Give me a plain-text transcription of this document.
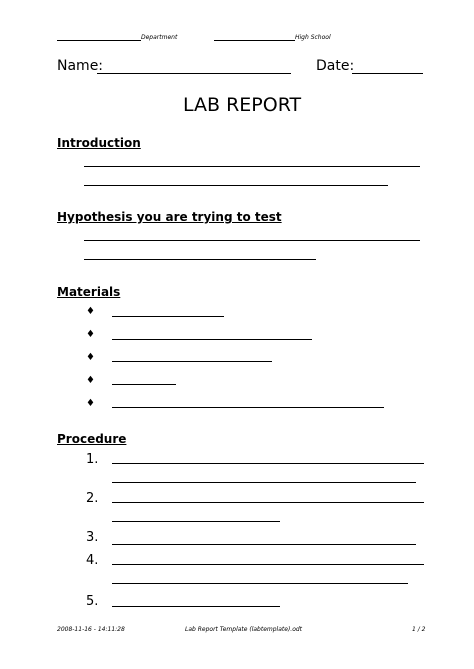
Department	High School
Name:	Date:
LAB REPORT
Introduction
Hypothesis you are trying to test
Materials
♦
♦
♦
♦
♦
Procedure
1.
2.
3.
4.
5.
2008-11-16 - 14:11:28	Lab Report Template (labtemplate).odt	1 / 2
